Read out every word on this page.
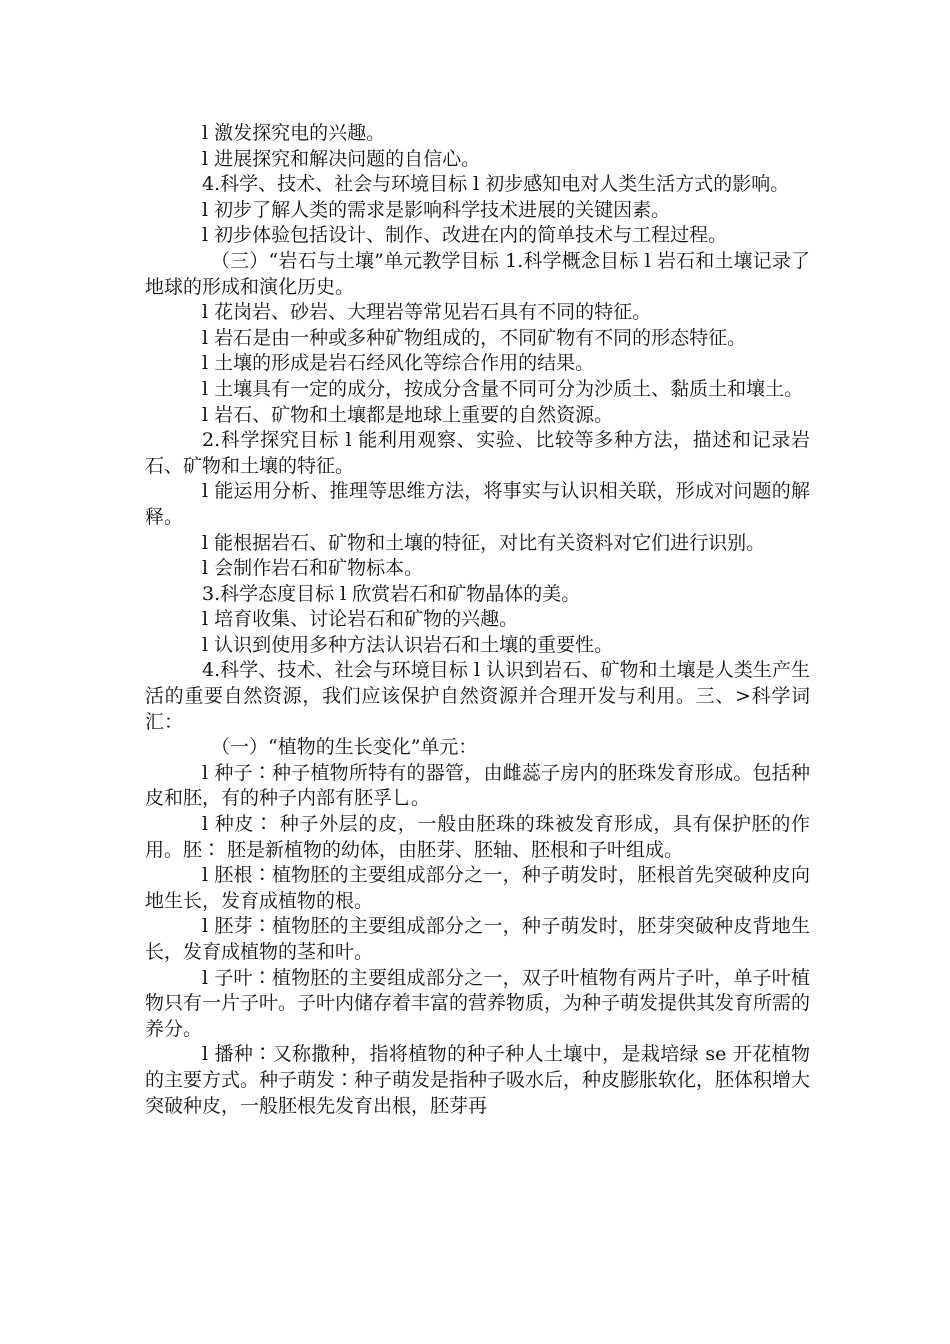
l 激发探究电的兴趣。

l 进展探究和解决问题的自信心。

4.科学、技术、社会与环境目标 l 初步感知电对人类生活方式的影响。

l 初步了解人类的需求是影响科学技术进展的关键因素。

l 初步体验包括设计、制作、改进在内的简单技术与工程过程。

（三）“岩石与土壤”单元教学目标 1.科学概念目标 l 岩石和土壤记录了地球的形成和演化历史。

l 花岗岩、砂岩、大理岩等常见岩石具有不同的特征。

l 岩石是由一种或多种矿物组成的，不同矿物有不同的形态特征。

l 土壤的形成是岩石经风化等综合作用的结果。

l 土壤具有一定的成分，按成分含量不同可分为沙质土、黏质土和壤土。

l 岩石、矿物和土壤都是地球上重要的自然资源。

2.科学探究目标 l 能利用观察、实验、比较等多种方法，描述和记录岩石、矿物和土壤的特征。

l 能运用分析、推理等思维方法，将事实与认识相关联，形成对问题的解释。

l 能根据岩石、矿物和土壤的特征，对比有关资料对它们进行识别。

l 会制作岩石和矿物标本。

3.科学态度目标 l 欣赏岩石和矿物晶体的美。

l 培育收集、讨论岩石和矿物的兴趣。

l 认识到使用多种方法认识岩石和土壤的重要性。

4.科学、技术、社会与环境目标 l 认识到岩石、矿物和土壤是人类生产生活的重要自然资源，我们应该保护自然资源并合理开发与利用。三、>科学词汇：

（一）“植物的生长变化”单元：

l 种子∶种子植物所特有的器管，由雌蕊子房内的胚珠发育形成。包括种皮和胚，有的种子内部有胚孚乚。

l 种皮∶ 种子外层的皮，一般由胚珠的珠被发育形成，具有保护胚的作用。胚∶ 胚是新植物的幼体，由胚芽、胚轴、胚根和子叶组成。

l 胚根∶植物胚的主要组成部分之一，种子萌发时，胚根首先突破种皮向地生长，发育成植物的根。

l 胚芽∶植物胚的主要组成部分之一，种子萌发时，胚芽突破种皮背地生长，发育成植物的茎和叶。

l 子叶∶植物胚的主要组成部分之一，双子叶植物有两片子叶，单子叶植物只有一片子叶。子叶内储存着丰富的营养物质，为种子萌发提供其发育所需的养分。

l 播种∶又称撒种，指将植物的种子种人土壤中，是栽培绿 se 开花植物的主要方式。种子萌发∶种子萌发是指种子吸水后，种皮膨胀软化，胚体积增大突破种皮，一般胚根先发育出根，胚芽再
